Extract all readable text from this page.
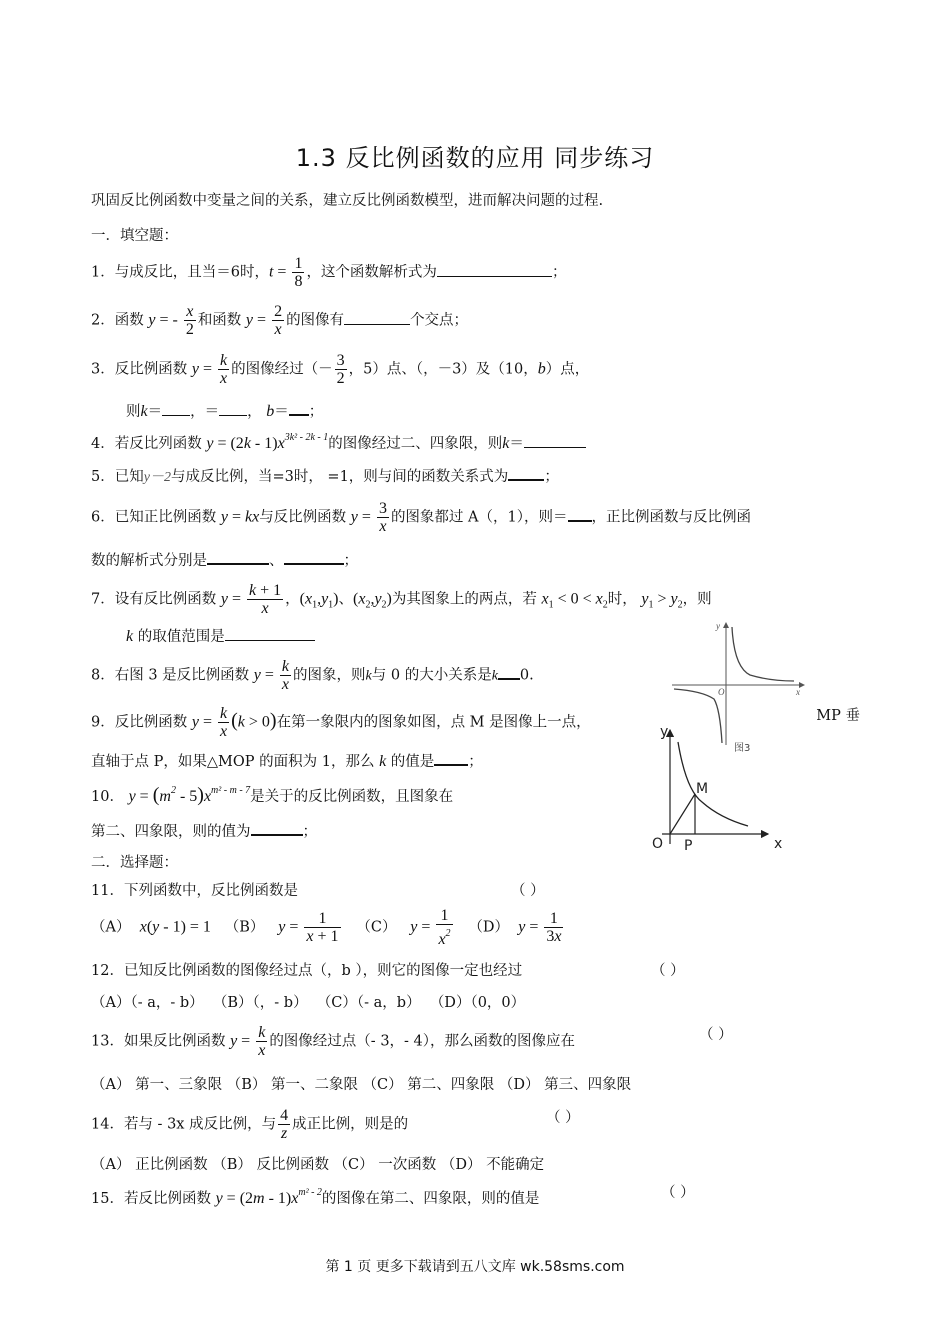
1.3 反比例函数的应用 同步练习
巩固反比例函数中变量之间的关系，建立反比例函数模型，进而解决问题的过程.
一．填空题：
1．与成反比，且当＝6时，$t = \frac{1}{8}$ ，这个函数解析式为	；
2．函数 y = - $\frac{x}{2}$ 和函数 $y = \frac{2}{x}$ 的图像有	个交点；
3．反比例函数 $y = \frac{k}{x}$ 的图像经过（－ $\frac{3}{2}$ ，5）点、（，－3）及（10，b）点，
则k＝ ，＝ ， b＝ ；
4．若反比列函数 $y = (2k - 1)x^{3k^2 - 2k - 1}$的图像经过二、四象限，则k＝
5．已知y－2与成反比例，当=3时， =1，则与间的函数关系式为 ；
6．已知正比例函数 y = kx与反比例函数 $y = \frac{3}{x}$ 的图象都过 A（，1），则＝ ，正比例函数与反比例函
数的解析式分别是	、	；
7．设有反比例函数 $y = \frac{k + 1}{x}$ ，$(x_1,y_1)$、$(x_2,y_2)$为其图象上的两点，若 $x_1 < 0 < x_2$时， $y_1 > y_2$，则
k 的取值范围是
8．右图 3 是反比例函数 $y = \frac{k}{x}$ 的图象，则k与 0 的大小关系是k 0.
9．反比例函数 $y = \frac{k}{x} (k > 0)$在第一象限内的图象如图，点 M 是图像上一点，	MP 垂
直轴于点 P，如果△MOP 的面积为 1，那么 k 的值是 ；
10． $y = (m^2 - 5)x^{m^2 - m - 7}$是关于的反比例函数，且图象在
第二、四象限，则的值为	；
二．选择题：
11．下列函数中，反比例函数是	（ ）
（A） x(y - 1) = 1 （B） $y = \frac{1}{x + 1} (C) y = \frac{1}{x^2} (D) y = \frac{1}{3x}$
12．已知反比例函数的图像经过点（，b ），则它的图像一定也经过	（ ）
（A）（- a，- b） （B）（，- b） （C）（- a，b） （D）（0，0）
13．如果反比例函数 $y = \frac{k}{x}$ 的图像经过点（- 3，- 4），那么函数的图像应在	（ ）
（A） 第一、三象限 （B） 第一、二象限 （C） 第二、四象限 （D） 第三、四象限
14．若与 - 3x 成反比例，与 $\frac{4}{z}$ 成正比例，则是的	（ ）
（A） 正比例函数 （B） 反比例函数 （C） 一次函数 （D） 不能确定
15．若反比例函数 $y = (2m - 1)x^{m^2 - 2}$的图像在第二、四象限，则的值是	（ ）
y
x
O
图3
y
x
O
M
P
第 1 页 更多下载请到五八文库 wk.58sms.com
